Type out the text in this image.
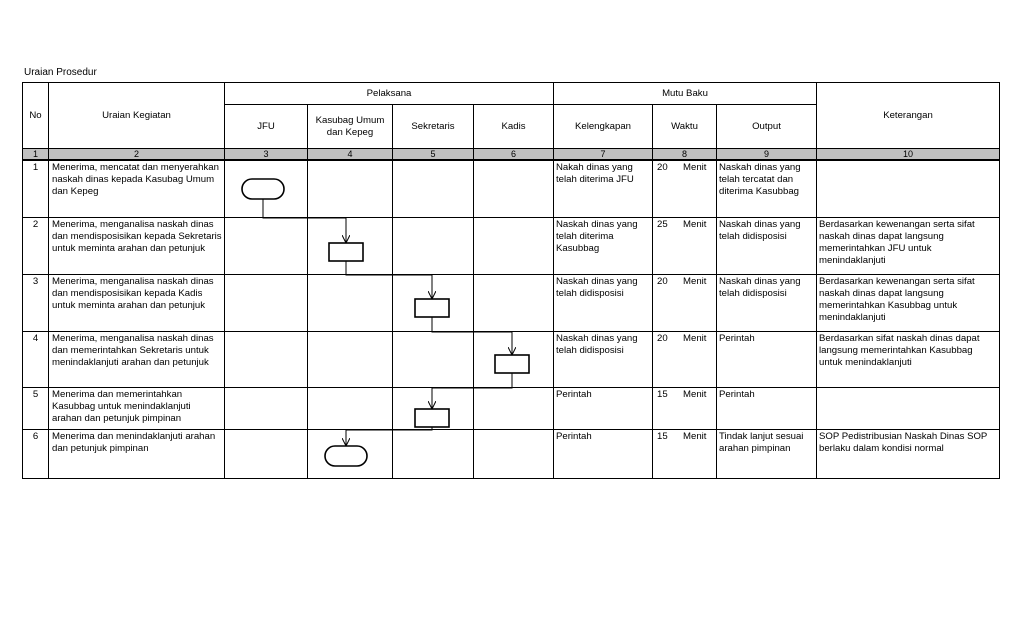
Uraian Prosedur
No	Uraian Kegiatan	Pelaksana				Mutu Baku			Keterangan
		JFU	Kasubag Umum dan Kepeg	Sekretaris	Kadis	Kelengkapan	Waktu	Output	
1	2	3	4	5	6	7	8	9	10
1	Menerima, mencatat dan menyerahkan naskah dinas kepada Kasubag Umum dan Kepeg					Nakah dinas yang telah diterima JFU	20 Menit	Naskah dinas yang telah tercatat dan diterima Kasubbag	
2	Menerima, menganalisa naskah dinas dan mendisposisikan kepada Sekretaris untuk meminta arahan dan petunjuk					Naskah dinas yang telah diterima Kasubbag	25 Menit	Naskah dinas yang telah didisposisi	Berdasarkan kewenangan serta sifat naskah dinas dapat langsung memerintahkan JFU untuk menindaklanjuti
3	Menerima, menganalisa naskah dinas dan mendisposisikan kepada Kadis untuk meminta arahan dan petunjuk					Naskah dinas yang telah didisposisi	20 Menit	Naskah dinas yang telah didisposisi	Berdasarkan kewenangan serta sifat naskah dinas dapat langsung memerintahkan Kasubbag untuk menindaklanjuti
4	Menerima, menganalisa naskah dinas dan memerintahkan Sekretaris untuk menindaklanjuti arahan dan petunjuk					Naskah dinas yang telah didisposisi	20 Menit	Perintah	Berdasarkan sifat naskah dinas dapat langsung memerintahkan Kasubbag untuk menindaklanjuti
5	Menerima dan memerintahkan Kasubbag untuk menindaklanjuti arahan dan petunjuk pimpinan					Perintah	15 Menit	Perintah	
6	Menerima dan menindaklanjuti arahan dan petunjuk pimpinan					Perintah	15 Menit	Tindak lanjut sesuai arahan pimpinan	SOP Pedistribusian Naskah Dinas SOP berlaku dalam kondisi normal
